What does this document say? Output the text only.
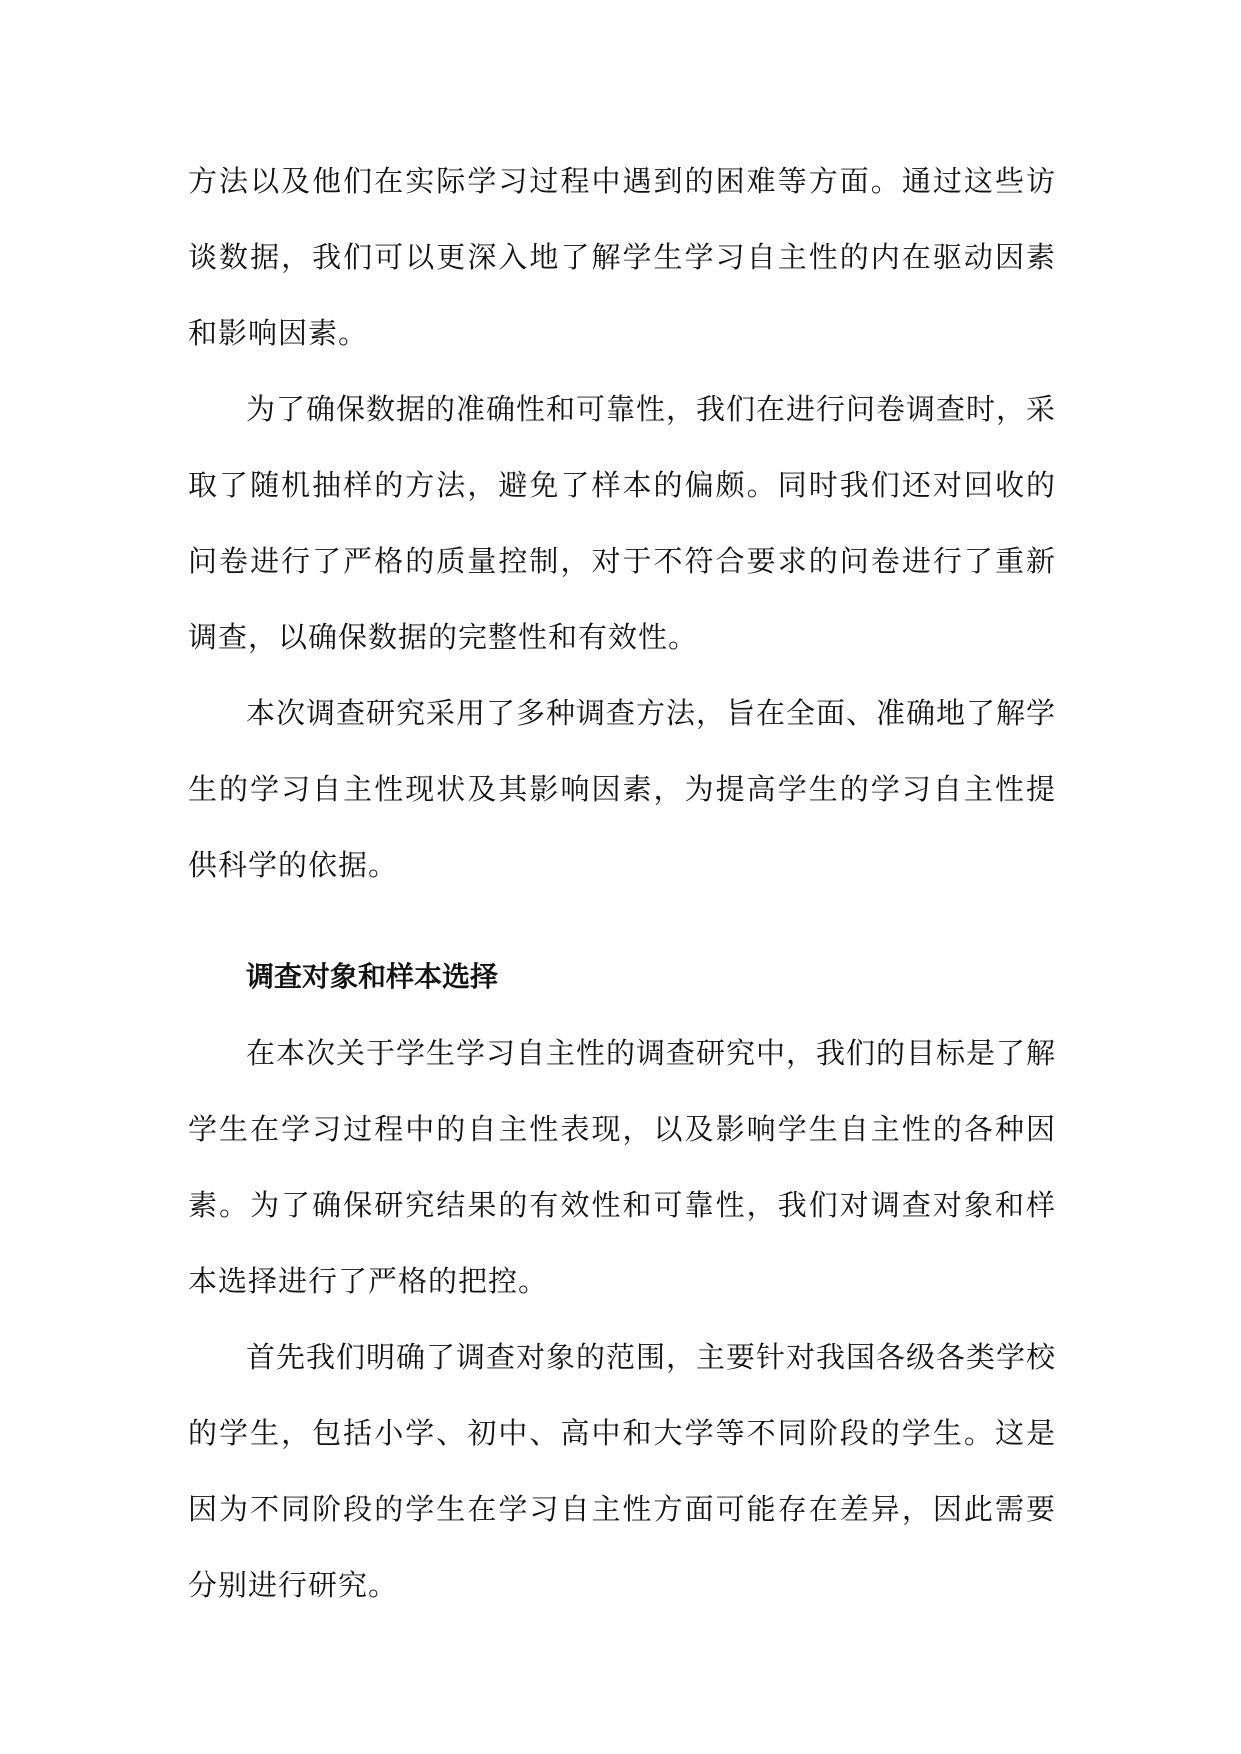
方法以及他们在实际学习过程中遇到的困难等方面。通过这些访谈数据，我们可以更深入地了解学生学习自主性的内在驱动因素和影响因素。

为了确保数据的准确性和可靠性，我们在进行问卷调查时，采取了随机抽样的方法，避免了样本的偏颇。同时我们还对回收的问卷进行了严格的质量控制，对于不符合要求的问卷进行了重新调查，以确保数据的完整性和有效性。

本次调查研究采用了多种调查方法，旨在全面、准确地了解学生的学习自主性现状及其影响因素，为提高学生的学习自主性提供科学的依据。

调查对象和样本选择

在本次关于学生学习自主性的调查研究中，我们的目标是了解学生在学习过程中的自主性表现，以及影响学生自主性的各种因素。为了确保研究结果的有效性和可靠性，我们对调查对象和样本选择进行了严格的把控。

首先我们明确了调查对象的范围，主要针对我国各级各类学校的学生，包括小学、初中、高中和大学等不同阶段的学生。这是因为不同阶段的学生在学习自主性方面可能存在差异，因此需要分别进行研究。
